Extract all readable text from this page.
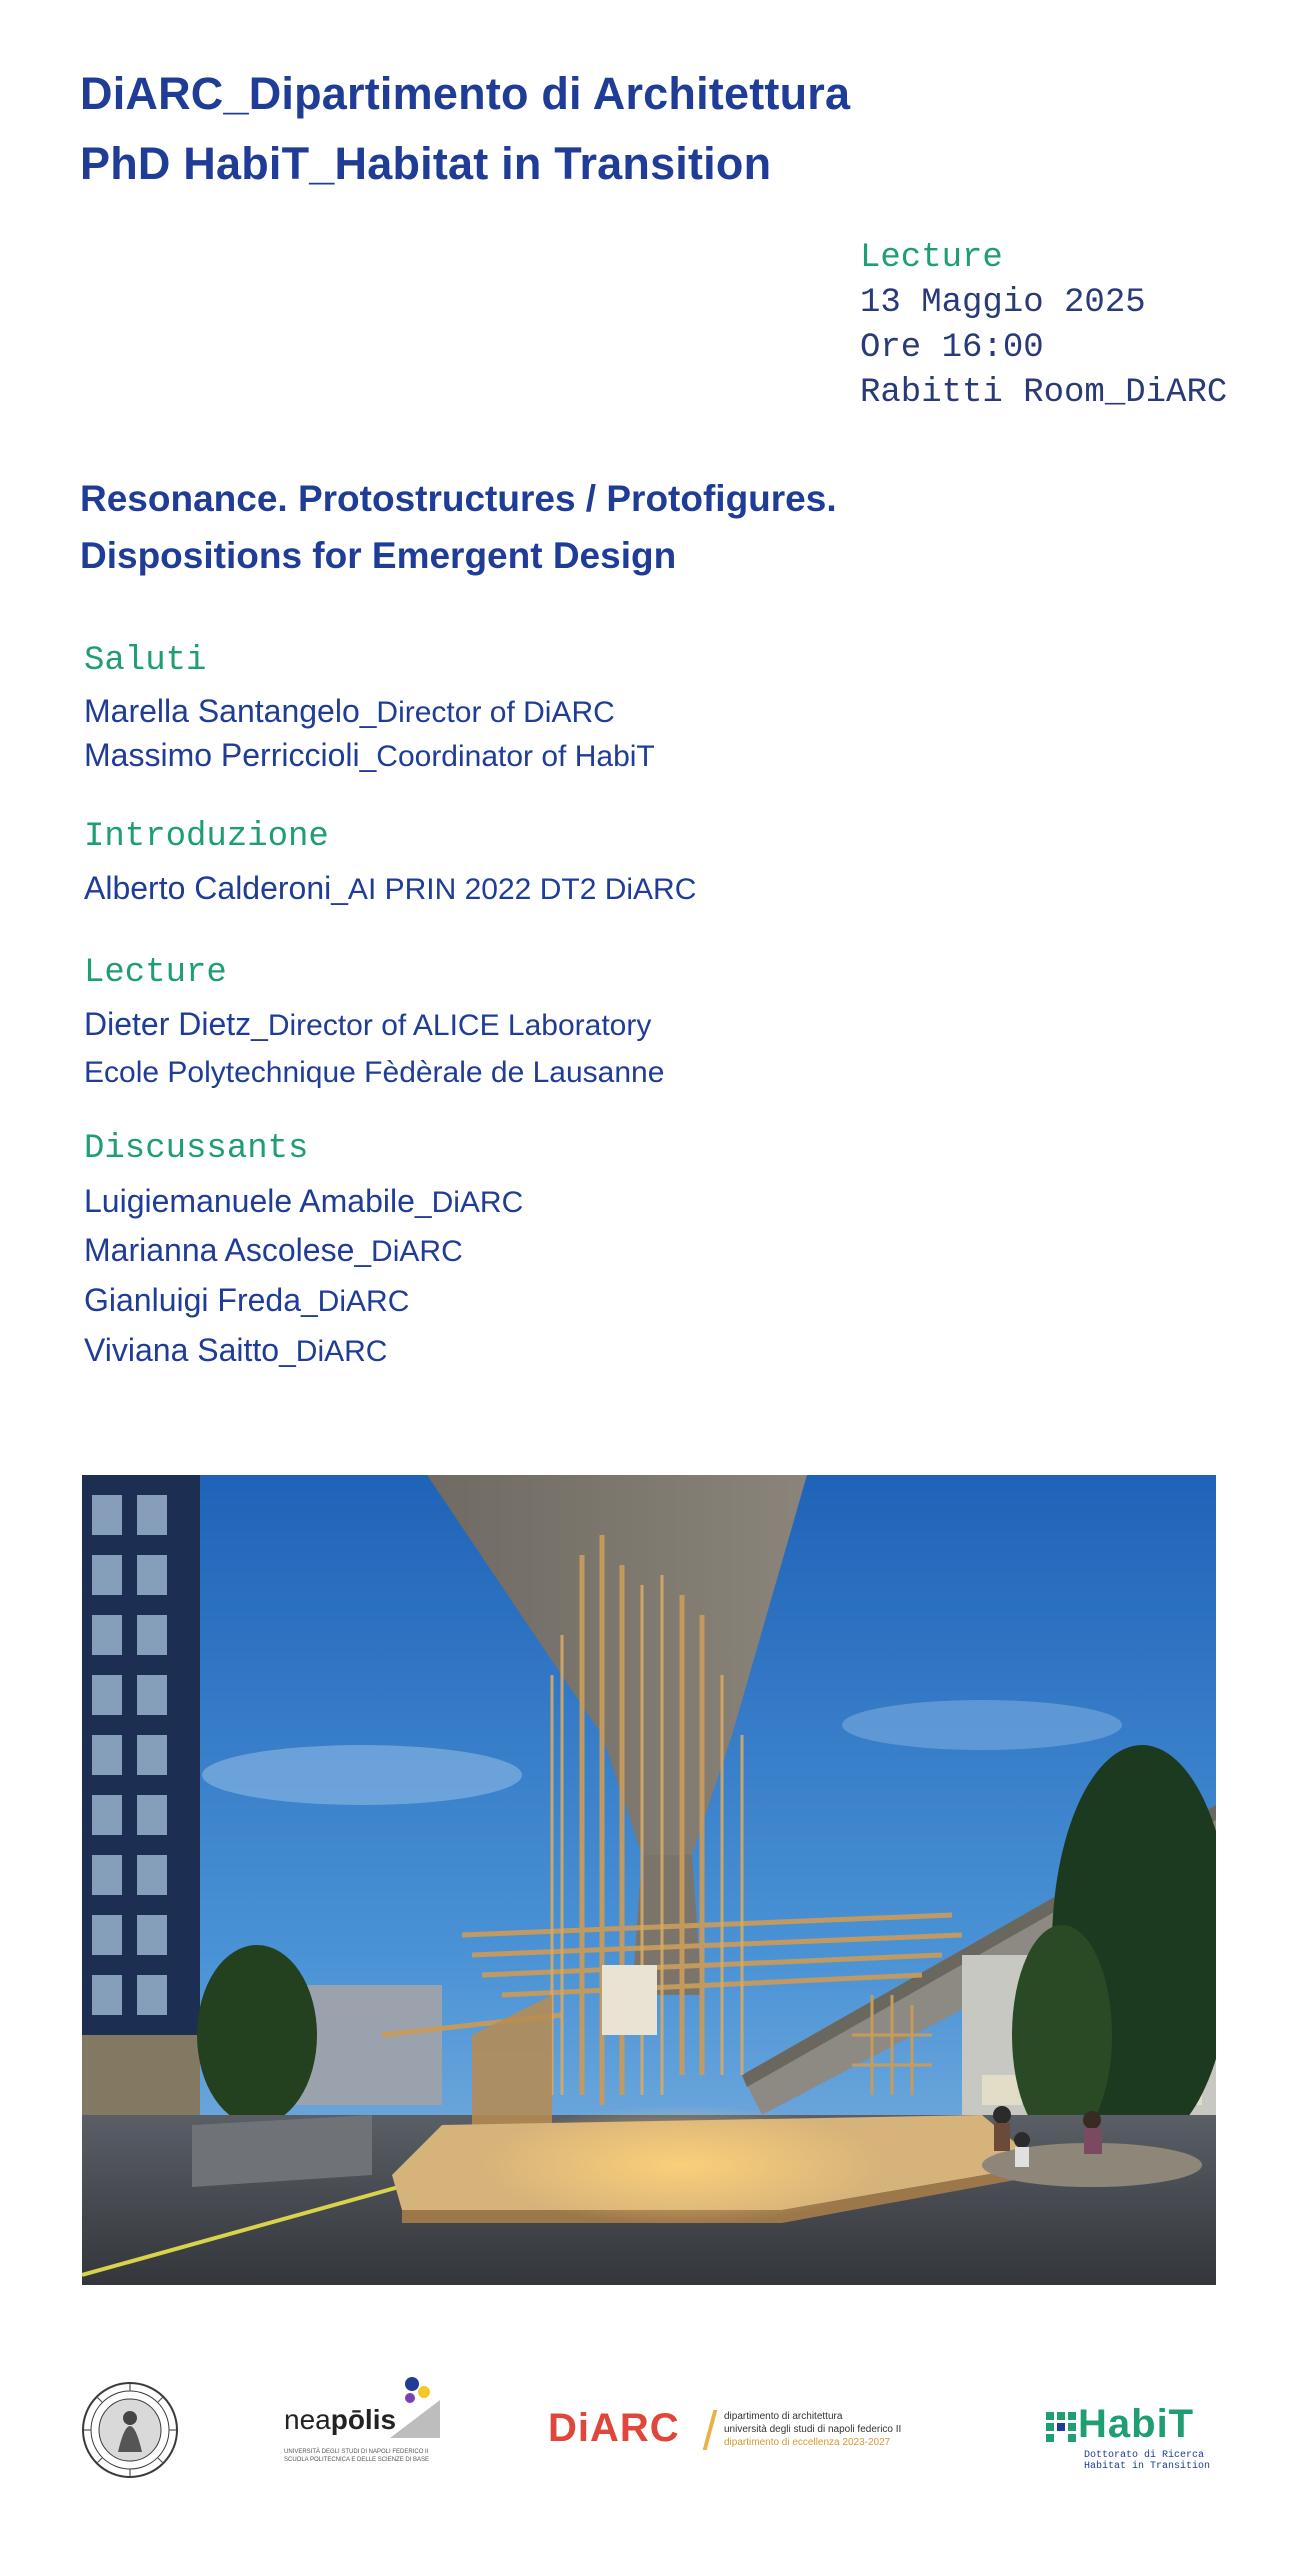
DiARC_Dipartimento di Architettura
PhD HabiT_Habitat in Transition
Lecture
13 Maggio 2025
Ore 16:00
Rabitti Room_DiARC
Resonance. Protostructures / Protofigures.
Dispositions for Emergent Design
Saluti
Marella Santangelo_Director of DiARC
Massimo Perriccioli_Coordinator of HabiT
Introduzione
Alberto Calderoni_AI PRIN 2022 DT2 DiARC
Lecture
Dieter Dietz_Director of ALICE Laboratory
Ecole Polytechnique Fèdèrale de Lausanne
Discussants
Luigiemanuele Amabile_DiARC
Marianna Ascolese_DiARC
Gianluigi Freda_DiARC
Viviana Saitto_DiARC
neapōlis
UNIVERSITÀ DEGLI STUDI DI NAPOLI FEDERICO II
SCUOLA POLITECNICA E DELLE SCIENZE DI BASE
DiARC	dipartimento di architettura
università degli studi di napoli federico II
dipartimento di eccellenza 2023-2027	HabiT
Dottorato di Ricerca
Habitat in Transition
